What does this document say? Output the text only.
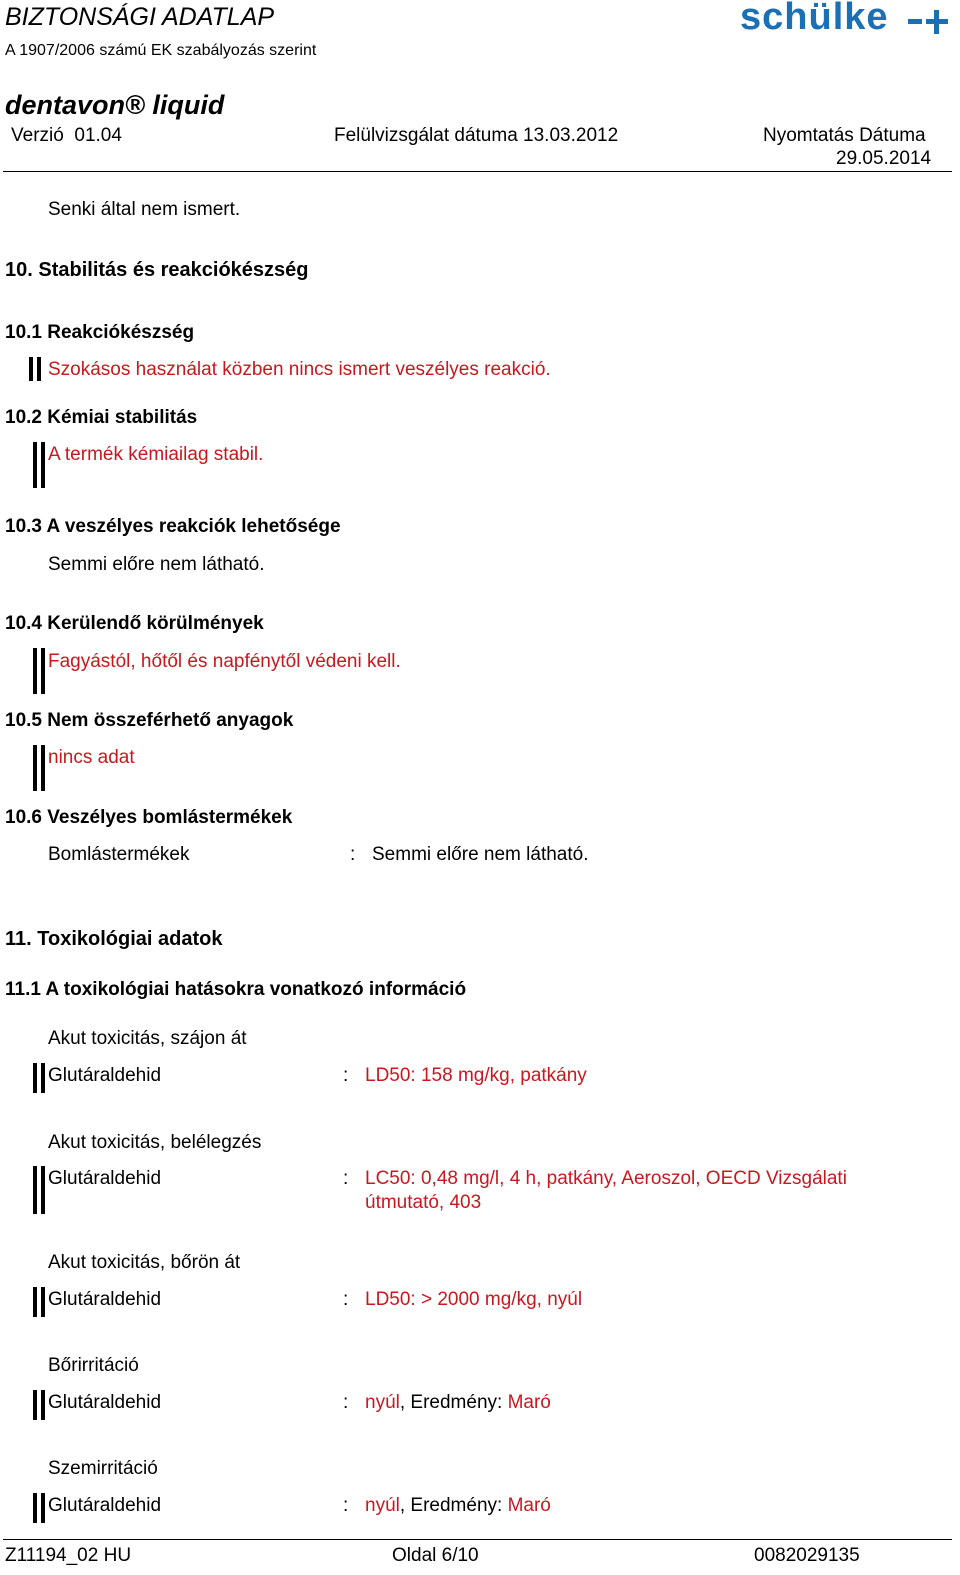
BIZTONSÁGI ADATLAP
A 1907/2006 számú EK szabályozás szerint
schülke
dentavon® liquid
Verzió 01.04	Felülvizsgálat dátuma 13.03.2012	Nyomtatás Dátuma
29.05.2014
Senki által nem ismert.
10. Stabilitás és reakciókészség
10.1 Reakciókészség
Szokásos használat közben nincs ismert veszélyes reakció.
10.2 Kémiai stabilitás
A termék kémiailag stabil.
10.3 A veszélyes reakciók lehetősége
Semmi előre nem látható.
10.4 Kerülendő körülmények
Fagyástól, hőtől és napfénytől védeni kell.
10.5 Nem összeférhető anyagok
nincs adat
10.6 Veszélyes bomlástermékek
Bomlástermékek	: Semmi előre nem látható.
11. Toxikológiai adatok
11.1 A toxikológiai hatásokra vonatkozó információ
Akut toxicitás, szájon át
Glutáraldehid	: LD50: 158 mg/kg, patkány
Akut toxicitás, belélegzés
Glutáraldehid	: LC50: 0,48 mg/l, 4 h, patkány, Aeroszol, OECD Vizsgálati
útmutató, 403
Akut toxicitás, bőrön át
Glutáraldehid	: LD50: > 2000 mg/kg, nyúl
Bőrirritáció
Glutáraldehid	: nyúl, Eredmény: Maró
Szemirritáció
Glutáraldehid	: nyúl, Eredmény: Maró
Z11194_02 HU	Oldal 6/10	0082029135
